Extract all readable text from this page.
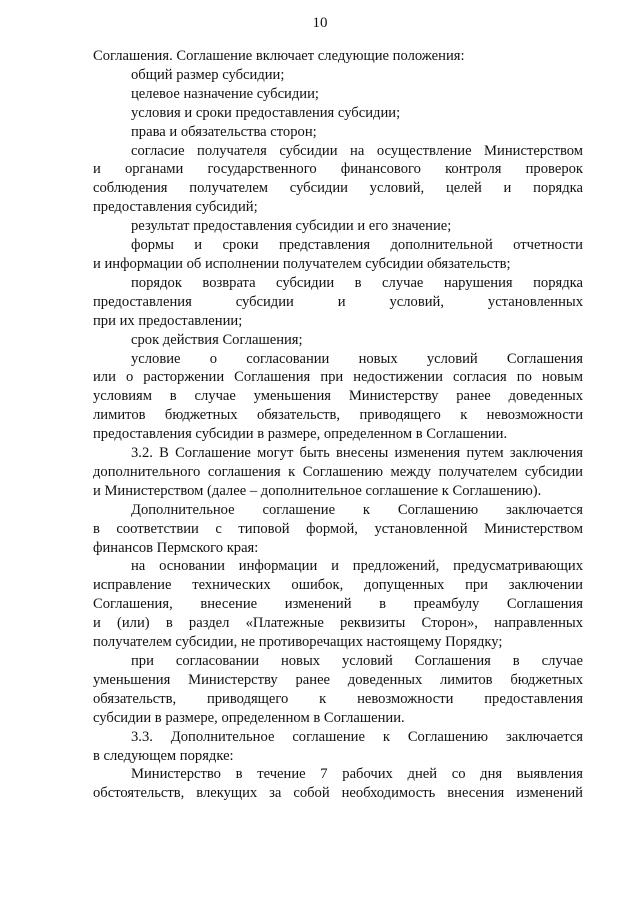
10
Соглашения. Соглашение включает следующие положения:
общий размер субсидии;
целевое назначение субсидии;
условия и сроки предоставления субсидии;
права и обязательства сторон;
согласие получателя субсидии на осуществление Министерством
и органами государственного финансового контроля проверок
соблюдения получателем субсидии условий, целей и порядка
предоставления субсидий;
результат предоставления субсидии и его значение;
формы и сроки представления дополнительной отчетности
и информации об исполнении получателем субсидии обязательств;
порядок возврата субсидии в случае нарушения порядка
предоставления субсидии и условий, установленных
при их предоставлении;
срок действия Соглашения;
условие о согласовании новых условий Соглашения
или о расторжении Соглашения при недостижении согласия по новым
условиям в случае уменьшения Министерству ранее доведенных
лимитов бюджетных обязательств, приводящего к невозможности
предоставления субсидии в размере, определенном в Соглашении.
3.2. В Соглашение могут быть внесены изменения путем заключения
дополнительного соглашения к Соглашению между получателем субсидии
и Министерством (далее – дополнительное соглашение к Соглашению).
Дополнительное соглашение к Соглашению заключается
в соответствии с типовой формой, установленной Министерством
финансов Пермского края:
на основании информации и предложений, предусматривающих
исправление технических ошибок, допущенных при заключении
Соглашения, внесение изменений в преамбулу Соглашения
и (или) в раздел «Платежные реквизиты Сторон», направленных
получателем субсидии, не противоречащих настоящему Порядку;
при согласовании новых условий Соглашения в случае
уменьшения Министерству ранее доведенных лимитов бюджетных
обязательств, приводящего к невозможности предоставления
субсидии в размере, определенном в Соглашении.
3.3. Дополнительное соглашение к Соглашению заключается
в следующем порядке:
Министерство в течение 7 рабочих дней со дня выявления
обстоятельств, влекущих за собой необходимость внесения изменений
